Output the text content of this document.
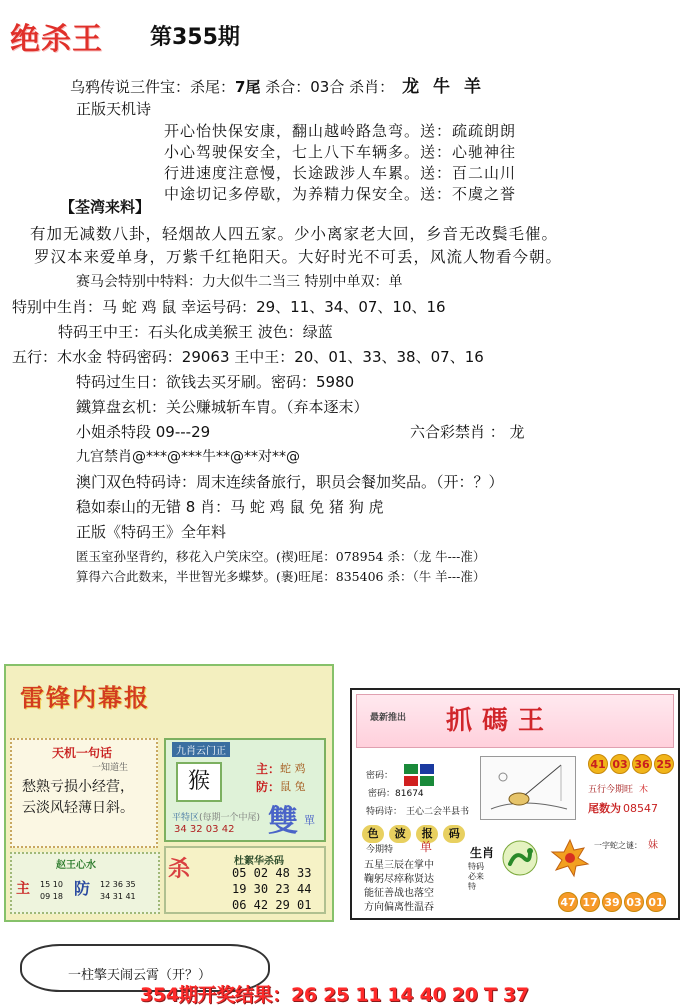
绝杀王 第355期
乌鸦传说三件宝：杀尾：7尾 杀合：03合 杀肖： 龙 牛 羊
正版天机诗
开心怡快保安康，翻山越岭路急弯。送：疏疏朗朗
小心驾驶保安全，七上八下车辆多。送：心驰神往
行进速度注意慢，长途跋涉人车累。送：百二山川
中途切记多停歇，为养精力保安全。送：不虞之誉
【荃湾来料】
有加无减数八卦，轻烟故人四五家。少小离家老大回，乡音无改鬓毛催。
罗汉本来爱单身，万紫千红艳阳天。大好时光不可丢，风流人物看今朝。
赛马会特别中特料：力大似牛二当三 特别中单双：单
特别中生肖：马 蛇 鸡 鼠 幸运号码：29、11、34、07、10、16
特码王中王：石头化成美猴王 波色：绿蓝
五行：木水金 特码密码：29063 王中王：20、01、33、38、07、16
特码过生日：欲钱去买牙刷。密码：5980
鐵算盘玄机：关公赚城斩车胄。（弃本逐末）
小姐杀特段 09---29	六合彩禁肖 ： 龙
九宫禁肖@***@***牛**@**对**@
澳门双色特码诗：周末连续备旅行，职员会餐加奖品。（开：？）
稳如泰山的无错 8 肖：马 蛇 鸡 鼠 免 猪 狗 虎
正版《特码王》全年料
匿玉室孙坚背约，移花入户笑床空。(禊)旺尾：078954 杀：（龙 牛---准）
算得六合此数来，半世智光多蝶梦。(裹)旺尾：835406 杀：（牛 羊---准）
雷锋内幕报
天机一句话
一知道生
愁熟亏损小经营，
云淡风轻薄日斜。
九肖云门正
猴	主： 蛇 鸡
防： 鼠 兔
平特区(每期一个中尾)
34 32 03 42 雙 單
杀	杜絮华杀码
05 02 48 33
19 30 23 44
06 42 29 01
赵王心水
主 15 10
09 18 防 12 36 35
34 31 41
最新推出 抓碼王
密码：
密码：81674
特码诗： 王心二会半县书
41 03 36 25
五行今期旺 木
尾数为 08547
色 波 报 码
一字蛇之谜： 妹
今期特 单
五星三辰在掌中
鞠躬尽瘁称贤达
能征善战也落空
方向偏离性温吞
生肖
特码必来特
47 17 39 03 01
一柱擎天闹云霄（开？）
354期开奖结果：26 25 11 14 40 20 T 37
